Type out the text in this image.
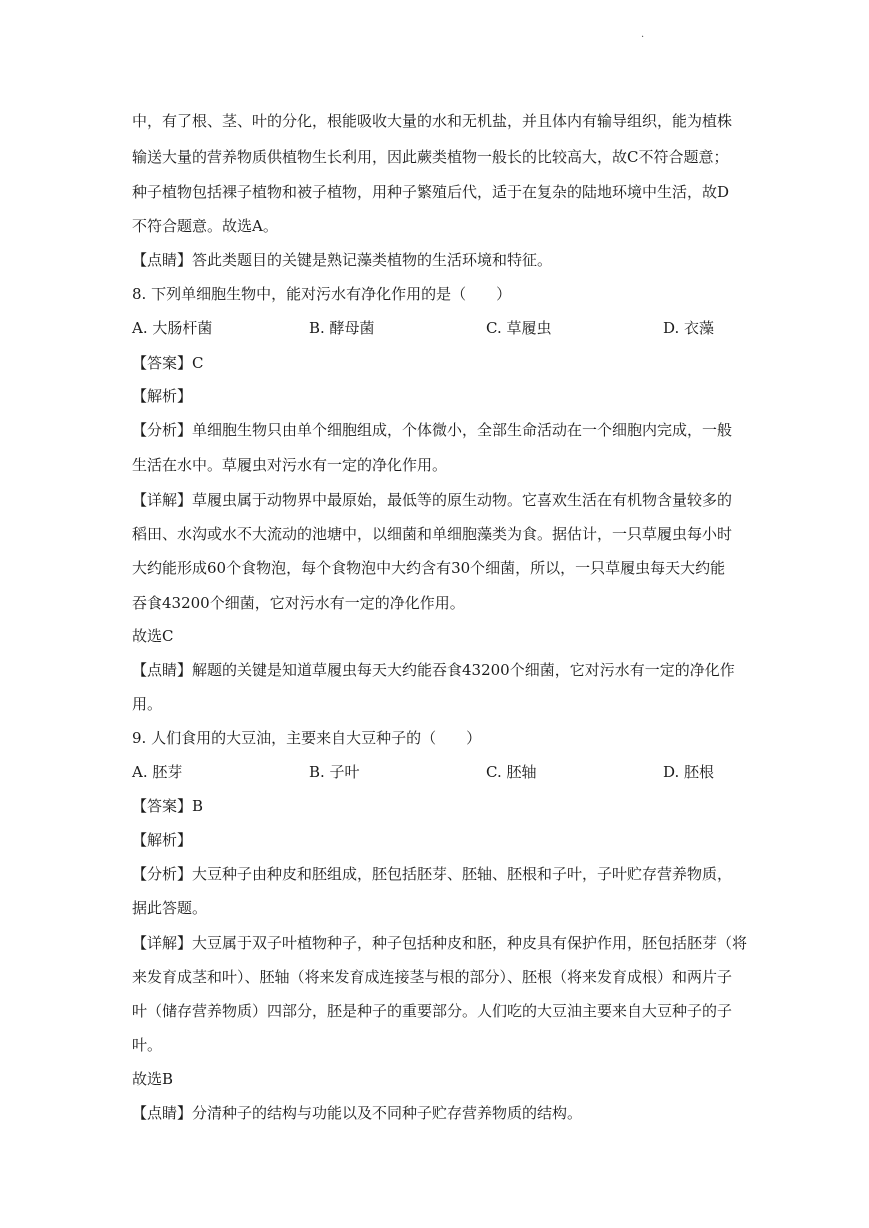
·
中，有了根、茎、叶的分化，根能吸收大量的水和无机盐，并且体内有输导组织，能为植株
输送大量的营养物质供植物生长利用，因此蕨类植物一般长的比较高大，故C不符合题意；
种子植物包括裸子植物和被子植物，用种子繁殖后代，适于在复杂的陆地环境中生活，故D
不符合题意。故选A。
【点睛】答此类题目的关键是熟记藻类植物的生活环境和特征。
8. 下列单细胞生物中，能对污水有净化作用的是（　　）
A. 大肠杆菌	B. 酵母菌	C. 草履虫	D. 衣藻
【答案】C
【解析】
【分析】单细胞生物只由单个细胞组成，个体微小，全部生命活动在一个细胞内完成，一般
生活在水中。草履虫对污水有一定的净化作用。
【详解】草履虫属于动物界中最原始，最低等的原生动物。它喜欢生活在有机物含量较多的
稻田、水沟或水不大流动的池塘中，以细菌和单细胞藻类为食。据估计，一只草履虫每小时
大约能形成60个食物泡，每个食物泡中大约含有30个细菌，所以，一只草履虫每天大约能
吞食43200个细菌，它对污水有一定的净化作用。
故选C
【点睛】解题的关键是知道草履虫每天大约能吞食43200个细菌，它对污水有一定的净化作
用。
9. 人们食用的大豆油，主要来自大豆种子的（　　）
A. 胚芽	B. 子叶	C. 胚轴	D. 胚根
【答案】B
【解析】
【分析】大豆种子由种皮和胚组成，胚包括胚芽、胚轴、胚根和子叶，子叶贮存营养物质，
据此答题。
【详解】大豆属于双子叶植物种子，种子包括种皮和胚，种皮具有保护作用，胚包括胚芽（将
来发育成茎和叶）、胚轴（将来发育成连接茎与根的部分）、胚根（将来发育成根）和两片子
叶（储存营养物质）四部分，胚是种子的重要部分。人们吃的大豆油主要来自大豆种子的子
叶。
故选B
【点睛】分清种子的结构与功能以及不同种子贮存营养物质的结构。
